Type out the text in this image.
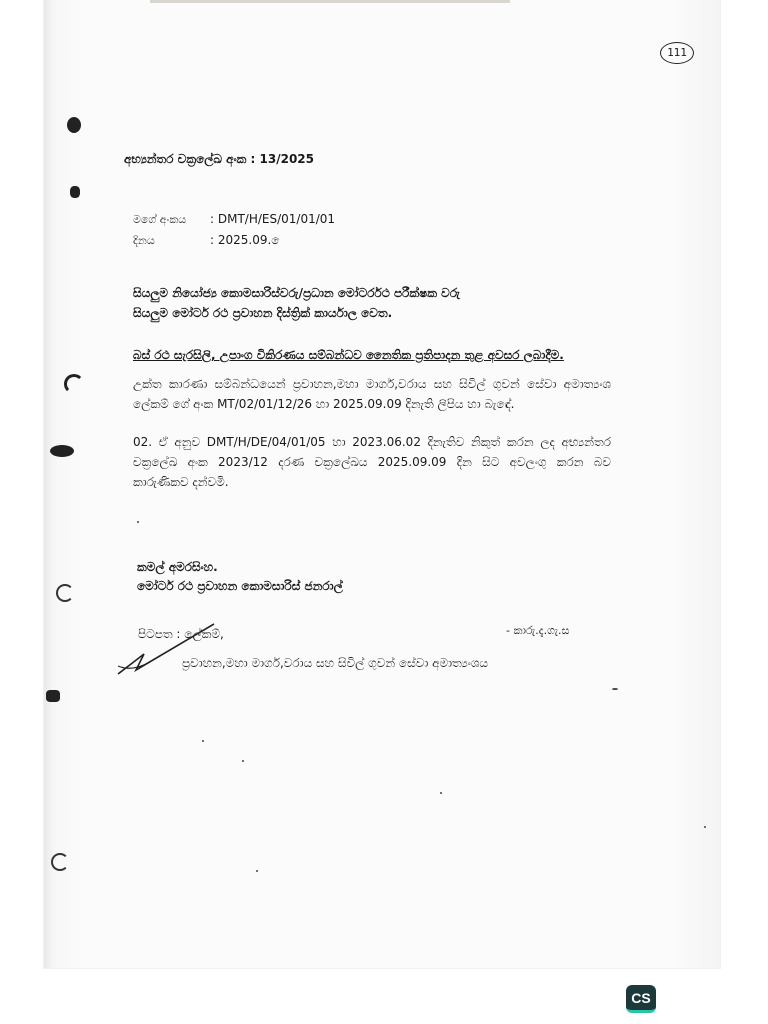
111
අභ්‍යන්තර චක්‍රලේඛ අංක : 13/2025
මගේ අංකය : DMT/H/ES/01/01/01
දිනය	: 2025.09. ෙ
සියලුම නියෝජ්‍ය කොමසාරිස්වරු/ප්‍රධාන මෝටර්රථ පරීක්ෂක වරු
සියලුම මෝටර් රථ ප්‍රවාහන දිස්ත්‍රික් කාර්යාල වෙත.
බස් රථ සැරසිලි, උපාංග විකිරණය සම්බන්ධව නෛතික ප්‍රතිපාදන තුළ අවසර ලබාදීම.
උක්ත කාරණා සම්බන්ධයෙන් ප්‍රවාහන,මහා මාර්ග,වරාය සහ සිවිල් ගුවන් සේවා අමාත්‍යංශ
ලේකම් ගේ අංක MT/02/01/12/26 හා 2025.09.09 දිනැති ලිපිය හා බැඳේ.
02. ඒ අනුව DMT/H/DE/04/01/05 හා 2023.06.02 දිනැතිව නිකුත් කරන ලද අභ්‍යන්තර
චක්‍රලේඛ අංක 2023/12 දරණ චක්‍රලේඛය 2025.09.09 දින සිට අවලංගු කරන බව
කාරුණිකව දන්වමි.
කමල් අමරසිංහ.
මෝටර් රථ ප්‍රවාහන කොමසාරිස් ජනරාල්
පිටපත : ලේකම්,	- කාරු.දැ.ගැ.ස
ප්‍රවාහන,මහා මාර්ග,වරාය සහ සිවිල් ගුවන් සේවා අමාත්‍යංශය
CS
